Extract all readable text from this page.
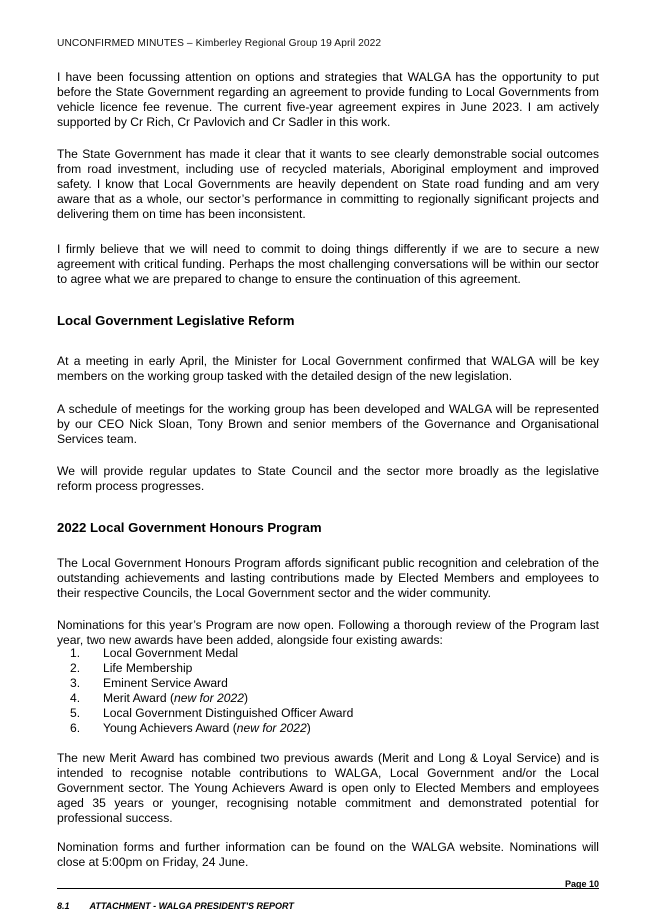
UNCONFIRMED MINUTES – Kimberley Regional Group 19 April 2022

I have been focussing attention on options and strategies that WALGA has the opportunity to put before the State Government regarding an agreement to provide funding to Local Governments from vehicle licence fee revenue. The current five-year agreement expires in June 2023. I am actively supported by Cr Rich, Cr Pavlovich and Cr Sadler in this work.

The State Government has made it clear that it wants to see clearly demonstrable social outcomes from road investment, including use of recycled materials, Aboriginal employment and improved safety. I know that Local Governments are heavily dependent on State road funding and am very aware that as a whole, our sector’s performance in committing to regionally significant projects and delivering them on time has been inconsistent.

I firmly believe that we will need to commit to doing things differently if we are to secure a new agreement with critical funding. Perhaps the most challenging conversations will be within our sector to agree what we are prepared to change to ensure the continuation of this agreement.

Local Government Legislative Reform

At a meeting in early April, the Minister for Local Government confirmed that WALGA will be key members on the working group tasked with the detailed design of the new legislation.

A schedule of meetings for the working group has been developed and WALGA will be represented by our CEO Nick Sloan, Tony Brown and senior members of the Governance and Organisational Services team.

We will provide regular updates to State Council and the sector more broadly as the legislative reform process progresses.

2022 Local Government Honours Program

The Local Government Honours Program affords significant public recognition and celebration of the outstanding achievements and lasting contributions made by Elected Members and employees to their respective Councils, the Local Government sector and the wider community.

Nominations for this year’s Program are now open. Following a thorough review of the Program last year, two new awards have been added, alongside four existing awards:

1.	Local Government Medal
2.	Life Membership
3.	Eminent Service Award
4.	Merit Award (new for 2022)
5.	Local Government Distinguished Officer Award
6.	Young Achievers Award (new for 2022)

The new Merit Award has combined two previous awards (Merit and Long & Loyal Service) and is intended to recognise notable contributions to WALGA, Local Government and/or the Local Government sector. The Young Achievers Award is open only to Elected Members and employees aged 35 years or younger, recognising notable commitment and demonstrated potential for professional success.

Nomination forms and further information can be found on the WALGA website. Nominations will close at 5:00pm on Friday, 24 June.

Page 10
8.1 ATTACHMENT - WALGA PRESIDENT'S REPORT
